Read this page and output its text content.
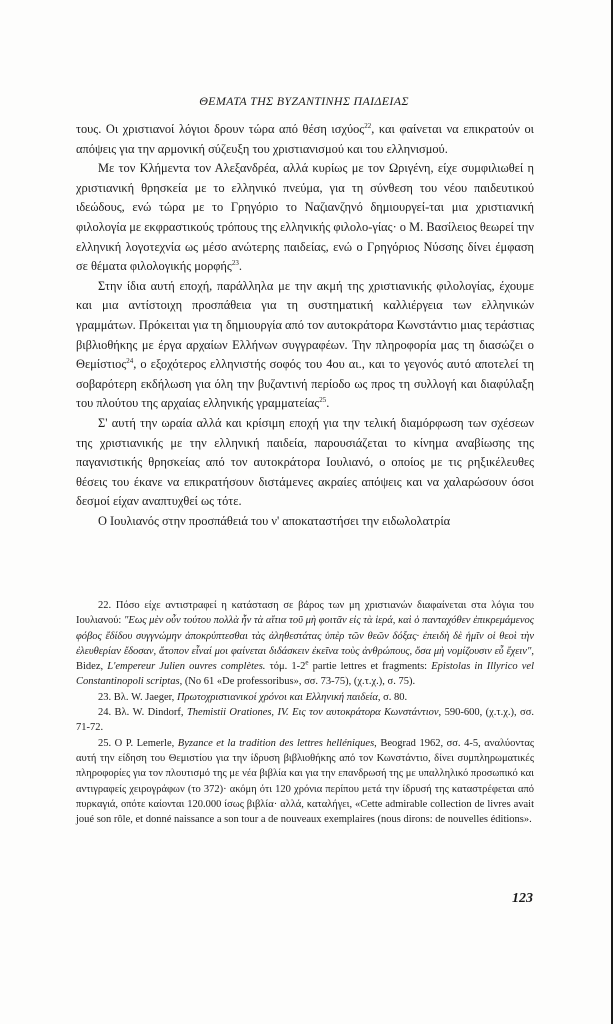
ΘΕΜΑΤΑ ΤΗΣ ΒΥΖΑΝΤΙΝΗΣ ΠΑΙΔΕΙΑΣ

τους. Οι χριστιανοί λόγιοι δρουν τώρα από θέση ισχύος$^{22}$, και φαίνεται να επικρατούν οι απόψεις για την αρμονική σύζευξη του χριστιανισμού και του ελληνισμού.

Με τον Κλήμεντα τον Αλεξανδρέα, αλλά κυρίως με τον Ωριγένη, είχε συμφιλιωθεί η χριστιανική θρησκεία με το ελληνικό πνεύμα, για τη σύνθεση του νέου παιδευτικού ιδεώδους, ενώ τώρα με το Γρηγόριο το Ναζιανζηνό δημιουργεί-ται μια χριστιανική φιλολογία με εκφραστικούς τρόπους της ελληνικής φιλολο-γίας· ο Μ. Βασίλειος θεωρεί την ελληνική λογοτεχνία ως μέσο ανώτερης παιδείας, ενώ ο Γρηγόριος Νύσσης δίνει έμφαση σε θέματα φιλολογικής μορφής$^{23}$.

Στην ίδια αυτή εποχή, παράλληλα με την ακμή της χριστιανικής φιλολογίας, έχουμε και μια αντίστοιχη προσπάθεια για τη συστηματική καλλιέργεια των ελληνικών γραμμάτων. Πρόκειται για τη δημιουργία από τον αυτοκράτορα Κωνστάντιο μιας τεράστιας βιβλιοθήκης με έργα αρχαίων Ελλήνων συγγραφέων. Την πληροφορία μας τη διασώζει ο Θεμίστιος$^{24}$, ο εξοχότερος ελληνιστής σοφός του 4ου αι., και το γεγονός αυτό αποτελεί τη σοβαρότερη εκδήλωση για όλη την βυζαντινή περίοδο ως προς τη συλλογή και διαφύλαξη του πλούτου της αρχαίας ελληνικής γραμματείας$^{25}$.

Σ' αυτή την ωραία αλλά και κρίσιμη εποχή για την τελική διαμόρφωση των σχέσεων της χριστιανικής με την ελληνική παιδεία, παρουσιάζεται το κίνημα αναβίωσης της παγανιστικής θρησκείας από τον αυτοκράτορα Ιουλιανό, ο οποίος με τις ρηξικέλευθες θέσεις του έκανε να επικρατήσουν διστάμενες ακραίες απόψεις και να χαλαρώσουν όσοι δεσμοί είχαν αναπτυχθεί ως τότε.

Ο Ιουλιανός στην προσπάθειά του ν' αποκαταστήσει την ειδωλολατρία

22. Πόσο είχε αντιστραφεί η κατάσταση σε βάρος των μη χριστιανών διαφαίνεται στα λόγια του Ιουλιανού: "Εως μὲν οὖν τούτου πολλὰ ἦν τὰ αἴτια τοῦ μὴ φοιτᾶν εἰς τὰ ἱερά, καὶ ὁ πανταχόθεν ἐπικρεμάμενος φόβος ἔδίδου συγγνώμην ἀποκρύπτεσθαι τὰς ἀληθεστάτας ὑπὲρ τῶν θεῶν δόξας· ἐπειδὴ δὲ ἡμῖν οἱ θεοὶ τὴν ἐλευθερίαν ἔδοσαν, ἄτοπον εἶναί μοι φαίνεται διδάσκειν ἐκεῖνα τοὺς ἀνθρώπους, ὅσα μὴ νομίζουσιν εὖ ἔχειν", Bidez, L'empereur Julien ouvres complètes. τόμ. 1-2e partie lettres et fragments: Epistolas in Illyrico vel Constantinopoli scriptas, (Nο 61 «De professoribus», σσ. 73-75), (χ.τ.χ.), σ. 75).

23. Βλ. W. Jaeger, Πρωτοχριστιανικοί χρόνοι και Ελληνική παιδεία, σ. 80.

24. Βλ. W. Dindorf, Themistii Orationes, IV. Εις τον αυτοκράτορα Κωνστάντιον, 590-600, (χ.τ.χ.), σσ. 71-72.

25. O P. Lemerle, Byzance et la tradition des lettres helléniques, Beograd 1962, σσ. 4-5, αναλύοντας αυτή την είδηση του Θεμιστίου για την ίδρυση βιβλιοθήκης από τον Κωνστάντιο, δίνει συμπληρωματικές πληροφορίες για τον πλουτισμό της με νέα βιβλία και για την επανδρωσή της με υπαλληλικό προσωπικό και αντιγραφείς χειρογράφων (το 372)· ακόμη ότι 120 χρόνια περίπου μετά την ίδρυσή της καταστρέφεται από πυρκαγιά, οπότε καίονται 120.000 ίσως βιβλία· αλλά, καταλήγει, «Cette admirable collection de livres avait joué son rôle, et donné naissance a son tour a de nouveaux exemplaires (nous dirons: de nouvelles éditions».

123
